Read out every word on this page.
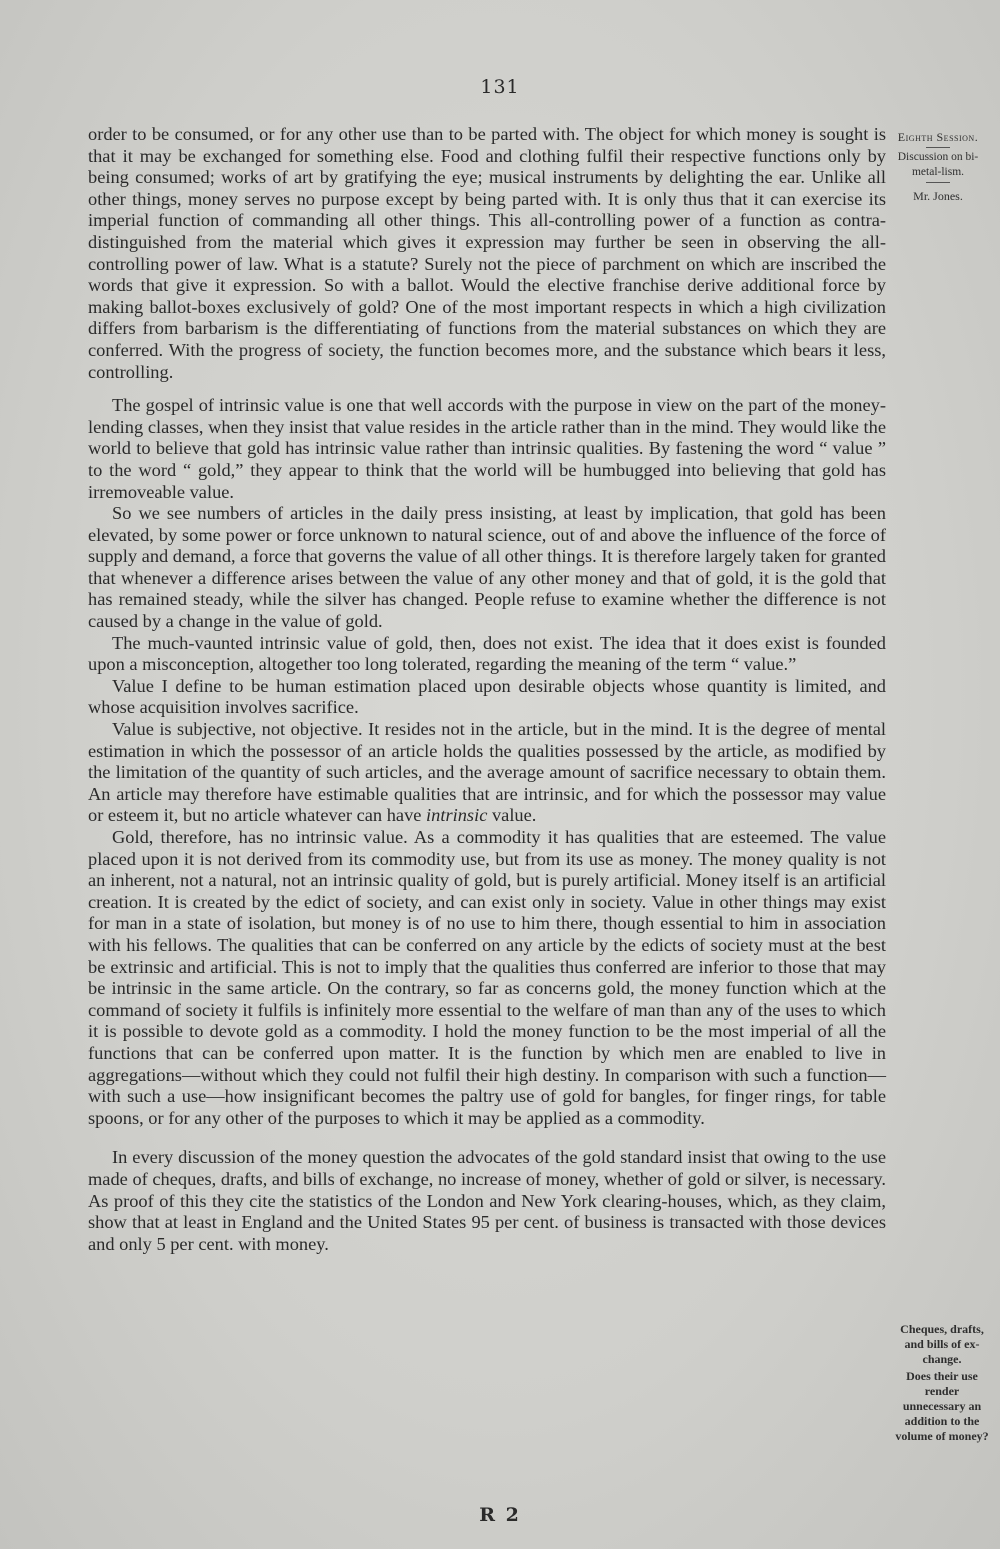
131
Eighth Session.
Discussion on bi-metal-lism.
Mr. Jones.

order to be consumed, or for any other use than to be parted with. The object for which money is sought is that it may be exchanged for something else. Food and clothing fulfil their respective functions only by being consumed; works of art by gratifying the eye; musical instruments by delighting the ear. Unlike all other things, money serves no purpose except by being parted with. It is only thus that it can exercise its imperial function of commanding all other things. This all-controlling power of a function as contra-distinguished from the material which gives it expression may further be seen in observing the all-controlling power of law. What is a statute? Surely not the piece of parchment on which are inscribed the words that give it expression. So with a ballot. Would the elective franchise derive additional force by making ballot-boxes exclusively of gold? One of the most important respects in which a high civilization differs from barbarism is the differentiating of functions from the material substances on which they are conferred. With the progress of society, the function becomes more, and the substance which bears it less, controlling.

The gospel of intrinsic value is one that well accords with the purpose in view on the part of the money-lending classes, when they insist that value resides in the article rather than in the mind. They would like the world to believe that gold has intrinsic value rather than intrinsic qualities. By fastening the word “ value ” to the word “ gold,” they appear to think that the world will be humbugged into believing that gold has irremoveable value.

So we see numbers of articles in the daily press insisting, at least by implication, that gold has been elevated, by some power or force unknown to natural science, out of and above the influence of the force of supply and demand, a force that governs the value of all other things. It is therefore largely taken for granted that whenever a difference arises between the value of any other money and that of gold, it is the gold that has remained steady, while the silver has changed. People refuse to examine whether the difference is not caused by a change in the value of gold.

The much-vaunted intrinsic value of gold, then, does not exist. The idea that it does exist is founded upon a misconception, altogether too long tolerated, regarding the meaning of the term “ value.”

Value I define to be human estimation placed upon desirable objects whose quantity is limited, and whose acquisition involves sacrifice.

Value is subjective, not objective. It resides not in the article, but in the mind. It is the degree of mental estimation in which the possessor of an article holds the qualities possessed by the article, as modified by the limitation of the quantity of such articles, and the average amount of sacrifice necessary to obtain them. An article may therefore have estimable qualities that are intrinsic, and for which the possessor may value or esteem it, but no article whatever can have intrinsic value.

Gold, therefore, has no intrinsic value. As a commodity it has qualities that are esteemed. The value placed upon it is not derived from its commodity use, but from its use as money. The money quality is not an inherent, not a natural, not an intrinsic quality of gold, but is purely artificial. Money itself is an artificial creation. It is created by the edict of society, and can exist only in society. Value in other things may exist for man in a state of isolation, but money is of no use to him there, though essential to him in association with his fellows. The qualities that can be conferred on any article by the edicts of society must at the best be extrinsic and artificial. This is not to imply that the qualities thus conferred are inferior to those that may be intrinsic in the same article. On the contrary, so far as concerns gold, the money function which at the command of society it fulfils is infinitely more essential to the welfare of man than any of the uses to which it is possible to devote gold as a commodity. I hold the money function to be the most imperial of all the functions that can be conferred upon matter. It is the function by which men are enabled to live in aggregations—without which they could not fulfil their high destiny. In comparison with such a function—with such a use—how insignificant becomes the paltry use of gold for bangles, for finger rings, for table spoons, or for any other of the purposes to which it may be applied as a commodity.

In every discussion of the money question the advocates of the gold standard insist that owing to the use made of cheques, drafts, and bills of exchange, no increase of money, whether of gold or silver, is necessary. As proof of this they cite the statistics of the London and New York clearing-houses, which, as they claim, show that at least in England and the United States 95 per cent. of business is transacted with those devices and only 5 per cent. with money.

Cheques, drafts, and bills of ex-change.
Does their use render unnecessary an addition to the volume of money?
R 2
